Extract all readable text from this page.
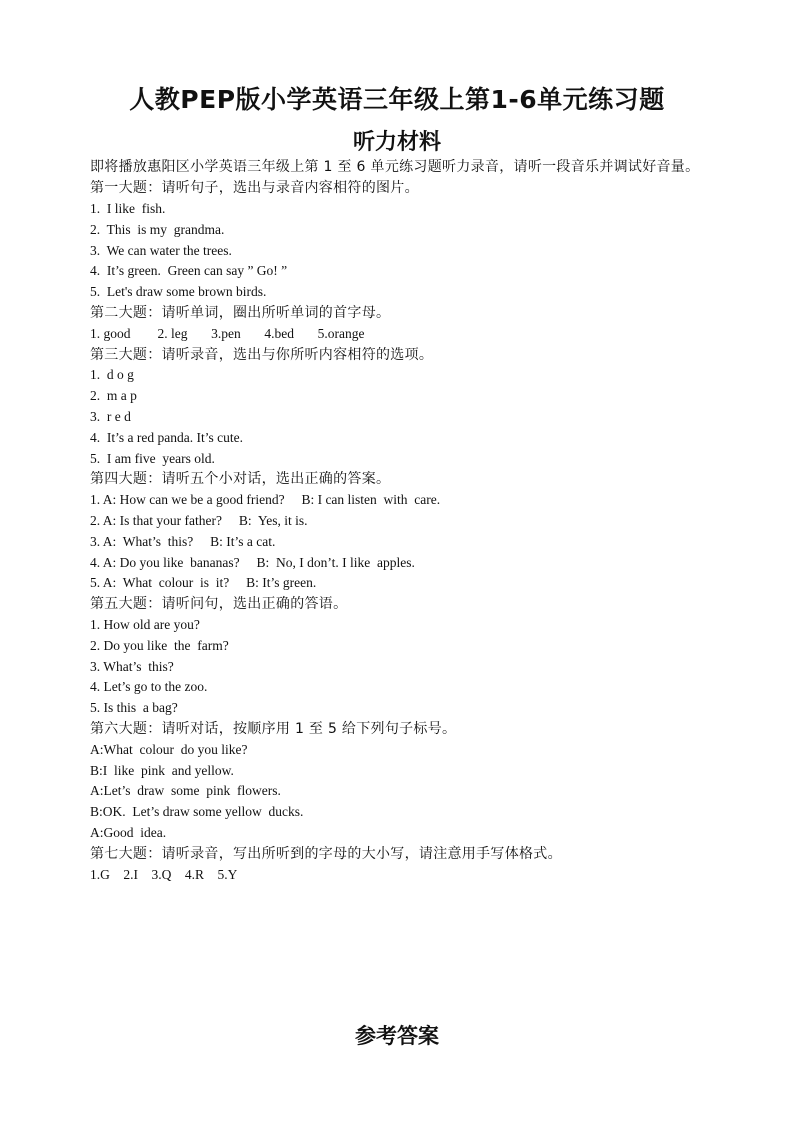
人教PEP版小学英语三年级上第1-6单元练习题
听力材料
即将播放惠阳区小学英语三年级上第 1 至 6 单元练习题听力录音，请听一段音乐并调试好音量。第一大题：请听句子，选出与录音内容相符的图片。
1.  I like  fish.
2.  This  is my  grandma.
3.  We can water the trees.
4.  It’s green.  Green can say ” Go! ”
5.  Let's draw some brown birds.
第二大题：请听单词，圈出所听单词的首字母。
1. good        2. leg       3.pen       4.bed       5.orange
第三大题：请听录音，选出与你所听内容相符的选项。
1.  d o g
2.  m a p
3.  r e d
4.  It’s a red panda. It’s cute.
5.  I am five  years old.
第四大题：请听五个小对话，选出正确的答案。
1. A: How can we be a good friend?     B: I can listen  with  care.
2. A: Is that your father?     B:  Yes, it is.
3. A:  What’s  this?     B: It’s a cat.
4. A: Do you like  bananas?     B:  No, I don’t. I like  apples.
5. A:  What  colour  is  it?     B: It’s green.
第五大题：请听问句，选出正确的答语。
1. How old are you?
2. Do you like  the  farm?
3. What’s  this?
4. Let’s go to the zoo.
5. Is this  a bag?
第六大题：请听对话，按顺序用 1 至 5 给下列句子标号。
A:What  colour  do you like?
B:I  like  pink  and yellow.
A:Let’s  draw  some  pink  flowers.
B:OK.  Let’s draw some yellow  ducks.
A:Good  idea.
第七大题：请听录音，写出所听到的字母的大小写，请注意用手写体格式。
1.G    2.I    3.Q    4.R    5.Y
参考答案
